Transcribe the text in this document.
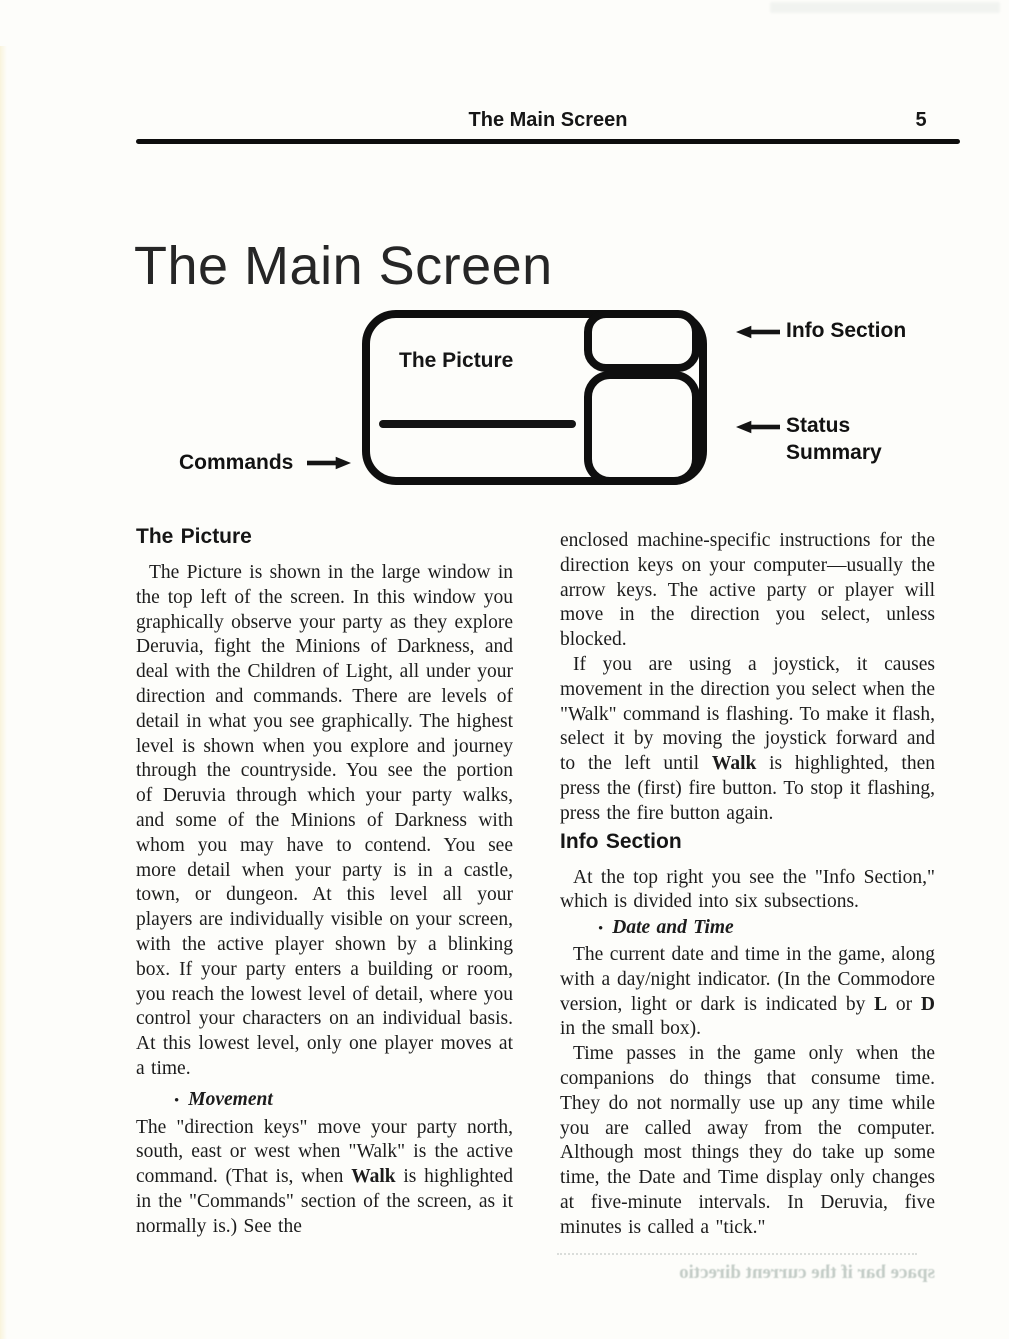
The Main Screen	5
The Main Screen
The Picture
Info Section
Status
Summary
Commands
The Picture

The Picture is shown in the large window in the top left of the screen. In this window you graphically observe your party as they explore Deruvia, fight the Minions of Darkness, and deal with the Children of Light, all under your direction and commands. There are levels of detail in what you see graphically. The highest level is shown when you explore and journey through the countryside. You see the portion of Deruvia through which your party walks, and some of the Minions of Darkness with whom you may have to contend. You see more detail when your party is in a castle, town, or dungeon. At this level all your players are individually visible on your screen, with the active player shown by a blinking box. If your party enters a building or room, you reach the lowest level of detail, where you control your characters on an individual basis. At this lowest level, only one player moves at a time.

• Movement

The "direction keys" move your party north, south, east or west when "Walk" is the active command. (That is, when Walk is highlighted in the "Commands" section of the screen, as it normally is.) See the

enclosed machine-specific instructions for the direction keys on your computer—usually the arrow keys. The active party or player will move in the direction you select, unless blocked.

If you are using a joystick, it causes movement in the direction you select when the "Walk" command is flashing. To make it flash, select it by moving the joystick forward and to the left until Walk is highlighted, then press the (first) fire button. To stop it flashing, press the fire button again.

Info Section

At the top right you see the "Info Section," which is divided into six subsections.

• Date and Time

The current date and time in the game, along with a day/night indicator. (In the Commodore version, light or dark is indicated by L or D in the small box).

Time passes in the game only when the companions do things that consume time. They do not normally use up any time while you are called away from the computer. Although most things they do take up some time, the Date and Time display only changes at five-minute intervals. In Deruvia, five minutes is called a "tick."

space bar if the current directio
